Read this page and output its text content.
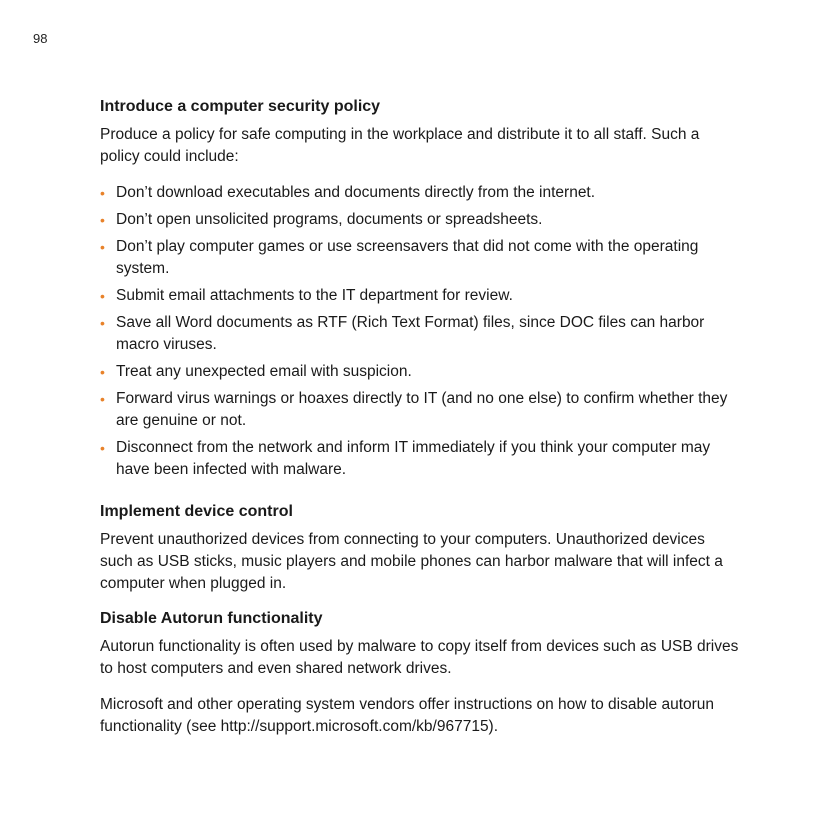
98
Introduce a computer security policy

Produce a policy for safe computing in the workplace and distribute it to all staff. Such a policy could include:

• Don’t download executables and documents directly from the internet.
• Don’t open unsolicited programs, documents or spreadsheets.
• Don’t play computer games or use screensavers that did not come with the operating system.
• Submit email attachments to the IT department for review.
• Save all Word documents as RTF (Rich Text Format) files, since DOC files can harbor macro viruses.
• Treat any unexpected email with suspicion.
• Forward virus warnings or hoaxes directly to IT (and no one else) to confirm whether they are genuine or not.
• Disconnect from the network and inform IT immediately if you think your computer may have been infected with malware.
Implement device control

Prevent unauthorized devices from connecting to your computers. Unauthorized devices such as USB sticks, music players and mobile phones can harbor malware that will infect a computer when plugged in.

Disable Autorun functionality

Autorun functionality is often used by malware to copy itself from devices such as USB drives to host computers and even shared network drives.

Microsoft and other operating system vendors offer instructions on how to disable autorun functionality (see http://support.microsoft.com/kb/967715).
